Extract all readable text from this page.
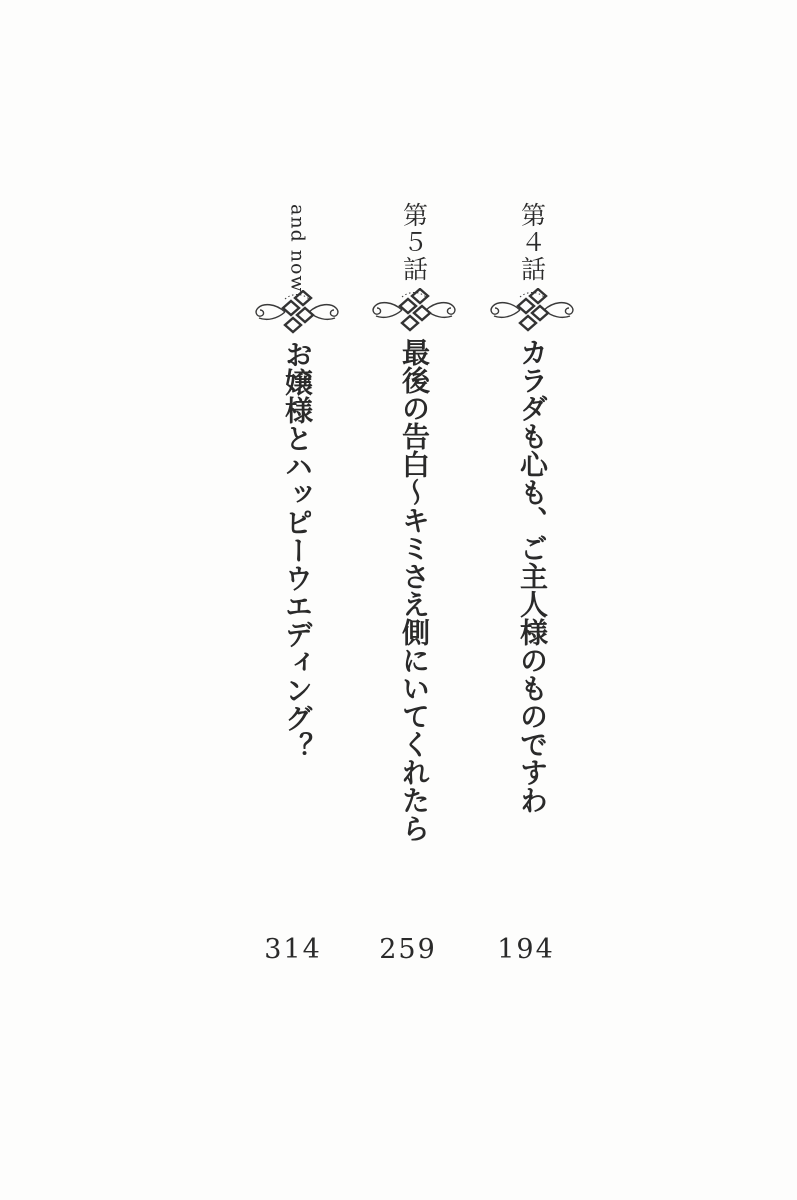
第４話
カラダも心も、ご主人様のものですわ
第５話
最後の告白〜キミさえ側にいてくれたら
and now
お嬢様とハッピーウエディング？
194
259
314
